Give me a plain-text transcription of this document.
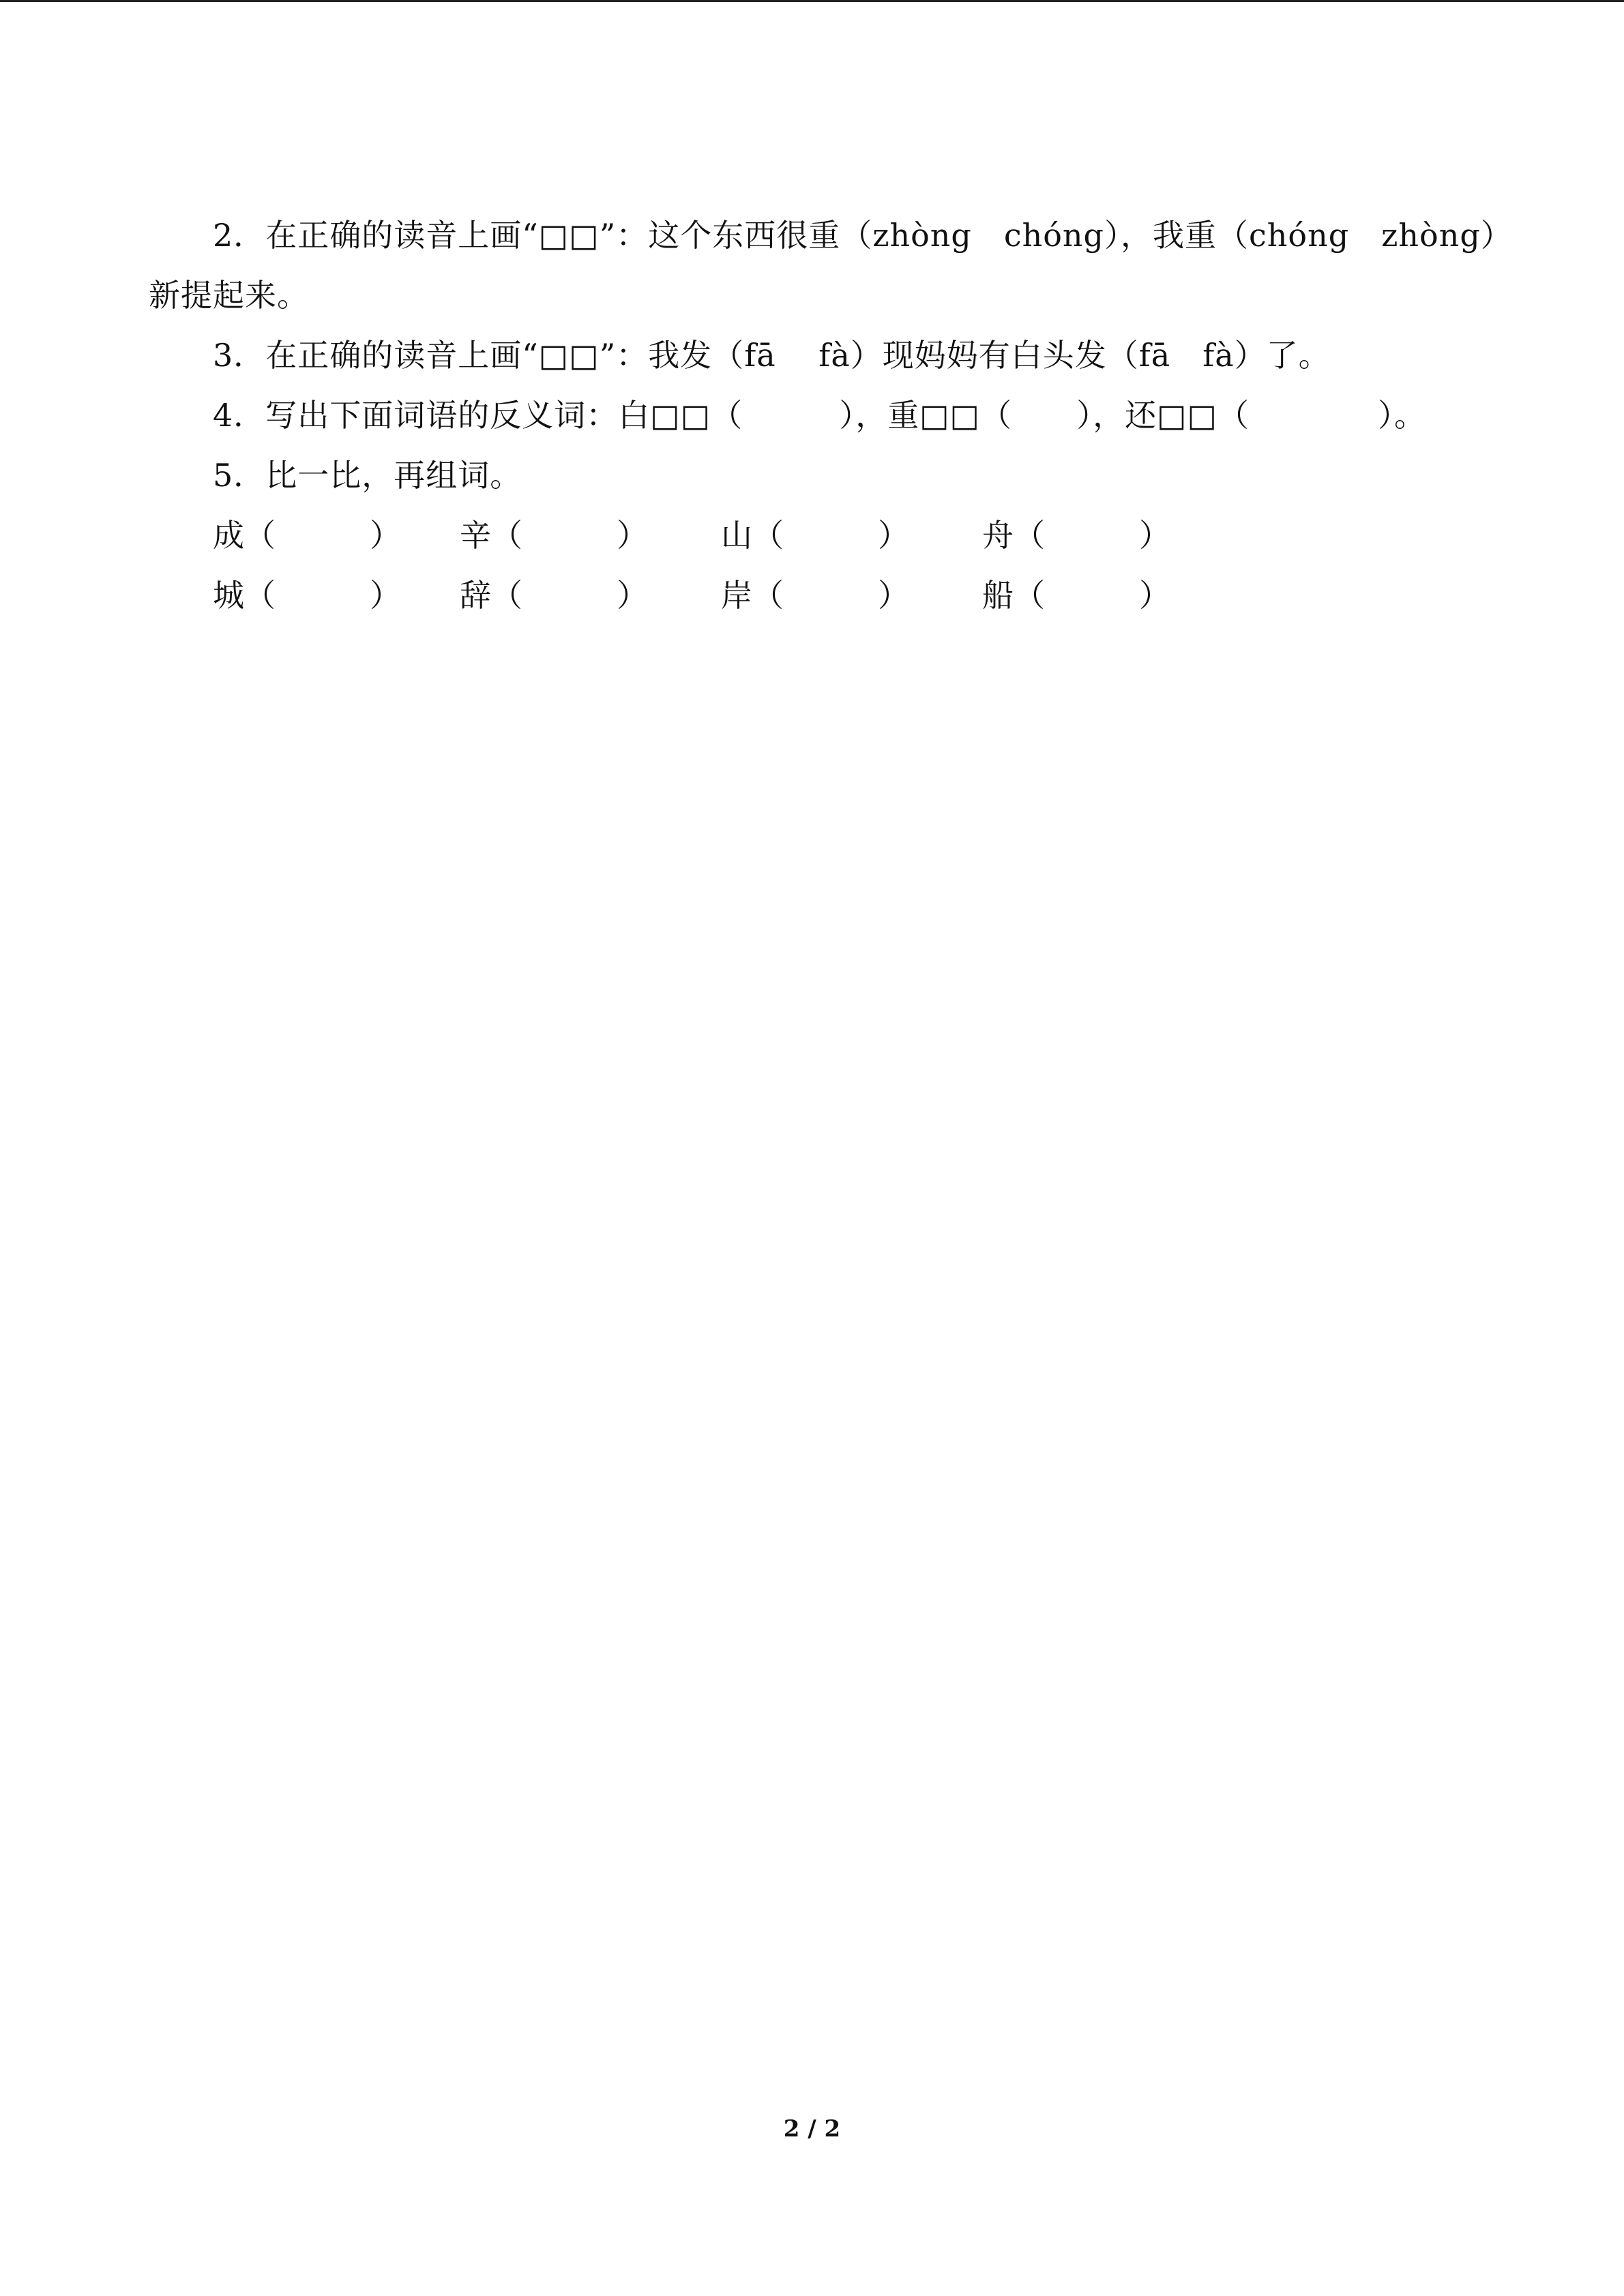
2．在正确的读音上画“□□”：这个东西很重（zhòng　chóng），我重（chóng　zhòng）
新提起来。
3．在正确的读音上画“□□”：我发（fā　 fà）现妈妈有白头发（fā　fà）了。
4．写出下面词语的反义词：白□□（　　　），重□□（　　），还□□（　　　　）。
5．比一比，再组词。
成（　　　） 辛（　　　） 山（　　　） 舟（　　　）
城（　　　） 辞（　　　） 岸（　　　） 船（　　　）
2 / 2
